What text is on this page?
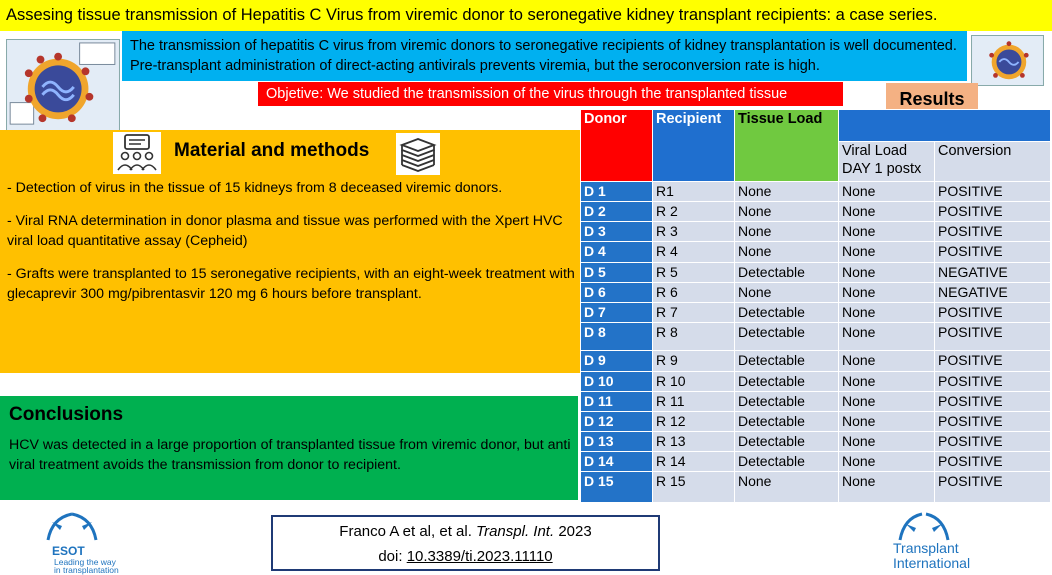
Assesing tissue transmission of Hepatitis C Virus from viremic donor to seronegative kidney transplant recipients: a case series.
The transmission of hepatitis C virus from viremic donors to seronegative recipients of kidney transplantation is well documented. Pre-transplant administration of direct-acting antivirals prevents viremia, but the seroconversion rate is high.
Objetive: We studied the transmission of the virus through the transplanted tissue	Results
Material and methods

- Detection of virus in the tissue of 15 kidneys from 8 deceased viremic donors.

- Viral RNA determination in donor plasma and tissue was performed with the Xpert HVC viral load quantitative assay (Cepheid)

- Grafts were transplanted to 15 seronegative recipients, with an eight-week treatment with glecaprevir 300 mg/pibrentasvir 120 mg 6 hours before transplant.

Conclusions
HCV was detected in a large proportion of transplanted tissue from viremic donor, but anti viral treatment avoids the transmission from donor to recipient.
Donor	Recipient	Tissue Load		
			Viral Load DAY 1 postx	Conversion
D 1	R1	None	None	POSITIVE
D 2	R 2	None	None	POSITIVE
D 3	R 3	None	None	POSITIVE
D 4	R 4	None	None	POSITIVE
D 5	R 5	Detectable	None	NEGATIVE
D 6	R 6	None	None	NEGATIVE
D 7	R 7	Detectable	None	POSITIVE
D 8	R 8	Detectable	None	POSITIVE
D 9	R 9	Detectable	None	POSITIVE
D 10	R 10	Detectable	None	POSITIVE
D 11	R 11	Detectable	None	POSITIVE
D 12	R 12	Detectable	None	POSITIVE
D 13	R 13	Detectable	None	POSITIVE
D 14	R 14	Detectable	None	POSITIVE
D 15	R 15	None	None	POSITIVE
Franco A et al, et al. Transpl. Int. 2023
doi: 10.3389/ti.2023.11110
ESOT
Leading the way
in transplantation
Transplant
International
